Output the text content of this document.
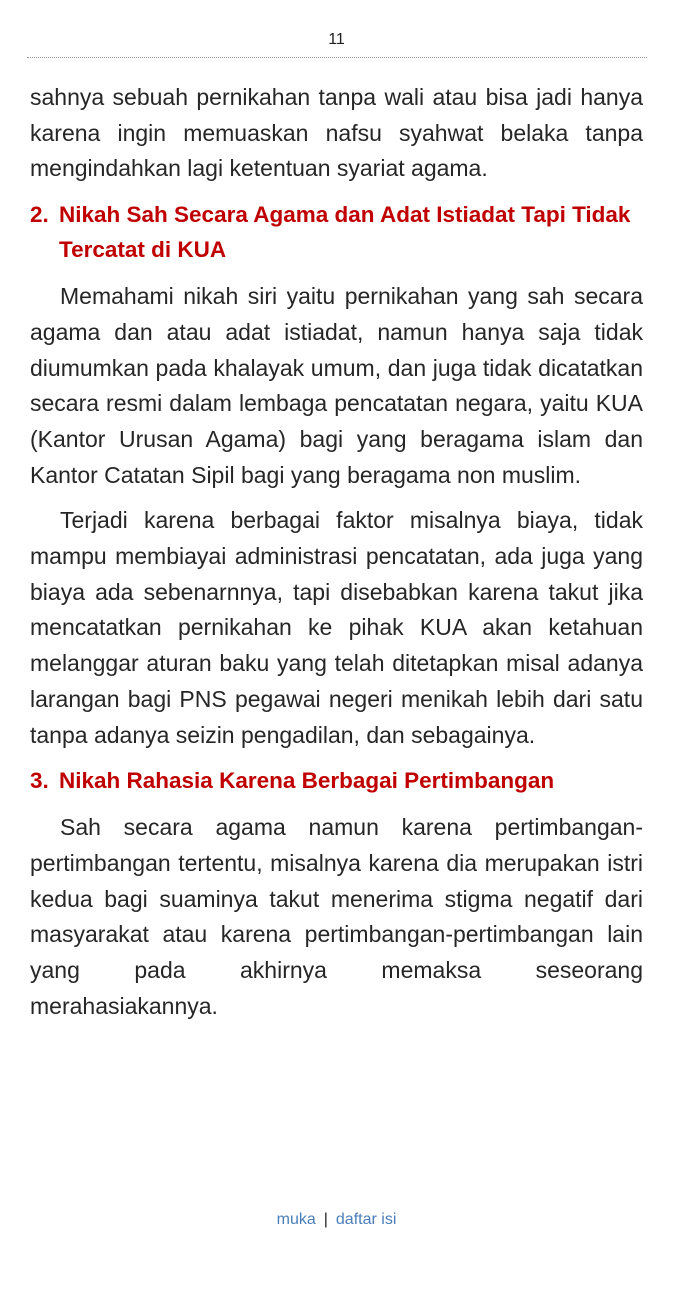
11

sahnya sebuah pernikahan tanpa wali atau bisa jadi hanya karena ingin memuaskan nafsu syahwat belaka tanpa mengindahkan lagi ketentuan syariat agama.

2. Nikah Sah Secara Agama dan Adat Istiadat Tapi Tidak Tercatat di KUA

Memahami nikah siri yaitu pernikahan yang sah secara agama dan atau adat istiadat, namun hanya saja tidak diumumkan pada khalayak umum, dan juga tidak dicatatkan secara resmi dalam lembaga pencatatan negara, yaitu KUA (Kantor Urusan Agama) bagi yang beragama islam dan Kantor Catatan Sipil bagi yang beragama non muslim.

Terjadi karena berbagai faktor misalnya biaya, tidak mampu membiayai administrasi pencatatan, ada juga yang biaya ada sebenarnnya, tapi disebabkan karena takut jika mencatatkan pernikahan ke pihak KUA akan ketahuan melanggar aturan baku yang telah ditetapkan misal adanya larangan bagi PNS pegawai negeri menikah lebih dari satu tanpa adanya seizin pengadilan, dan sebagainya.

3. Nikah Rahasia Karena Berbagai Pertimbangan

Sah secara agama namun karena pertimbangan-pertimbangan tertentu, misalnya karena dia merupakan istri kedua bagi suaminya takut menerima stigma negatif dari masyarakat atau karena pertimbangan-pertimbangan lain yang pada akhirnya memaksa seseorang merahasiakannya.

muka | daftar isi
